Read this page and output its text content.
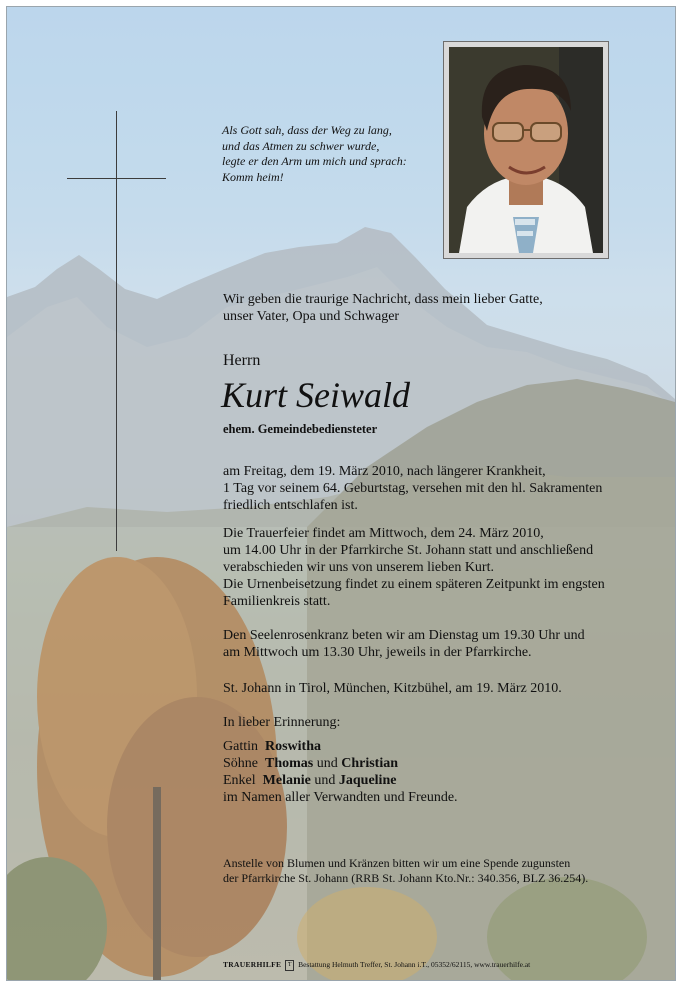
Als Gott sah, dass der Weg zu lang,
und das Atmen zu schwer wurde,
legte er den Arm um mich und sprach:
Komm heim!
Wir geben die traurige Nachricht, dass mein lieber Gatte,
unser Vater, Opa und Schwager
Herrn
Kurt Seiwald
ehem. Gemeindebediensteter
am Freitag, dem 19. März 2010, nach längerer Krankheit,
1 Tag vor seinem 64. Geburtstag, versehen mit den hl. Sakramenten
friedlich entschlafen ist.
Die Trauerfeier findet am Mittwoch, dem 24. März 2010,
um 14.00 Uhr in der Pfarrkirche St. Johann statt und anschließend
verabschieden wir uns von unserem lieben Kurt.
Die Urnenbeisetzung findet zu einem späteren Zeitpunkt im engsten
Familienkreis statt.
Den Seelenrosenkranz beten wir am Dienstag um 19.30 Uhr und
am Mittwoch um 13.30 Uhr, jeweils in der Pfarrkirche.
St. Johann in Tirol, München, Kitzbühel, am 19. März 2010.
In lieber Erinnerung:
Gattin Roswitha
Söhne Thomas und Christian
Enkel Melanie und Jaqueline
im Namen aller Verwandten und Freunde.
Anstelle von Blumen und Kränzen bitten wir um eine Spende zugunsten
der Pfarrkirche St. Johann (RRB St. Johann Kto.Nr.: 340.356, BLZ 36.254).
TRAUERHILFE T Bestattung Helmuth Treffer, St. Johann i.T., 05352/62115, www.trauerhilfe.at
